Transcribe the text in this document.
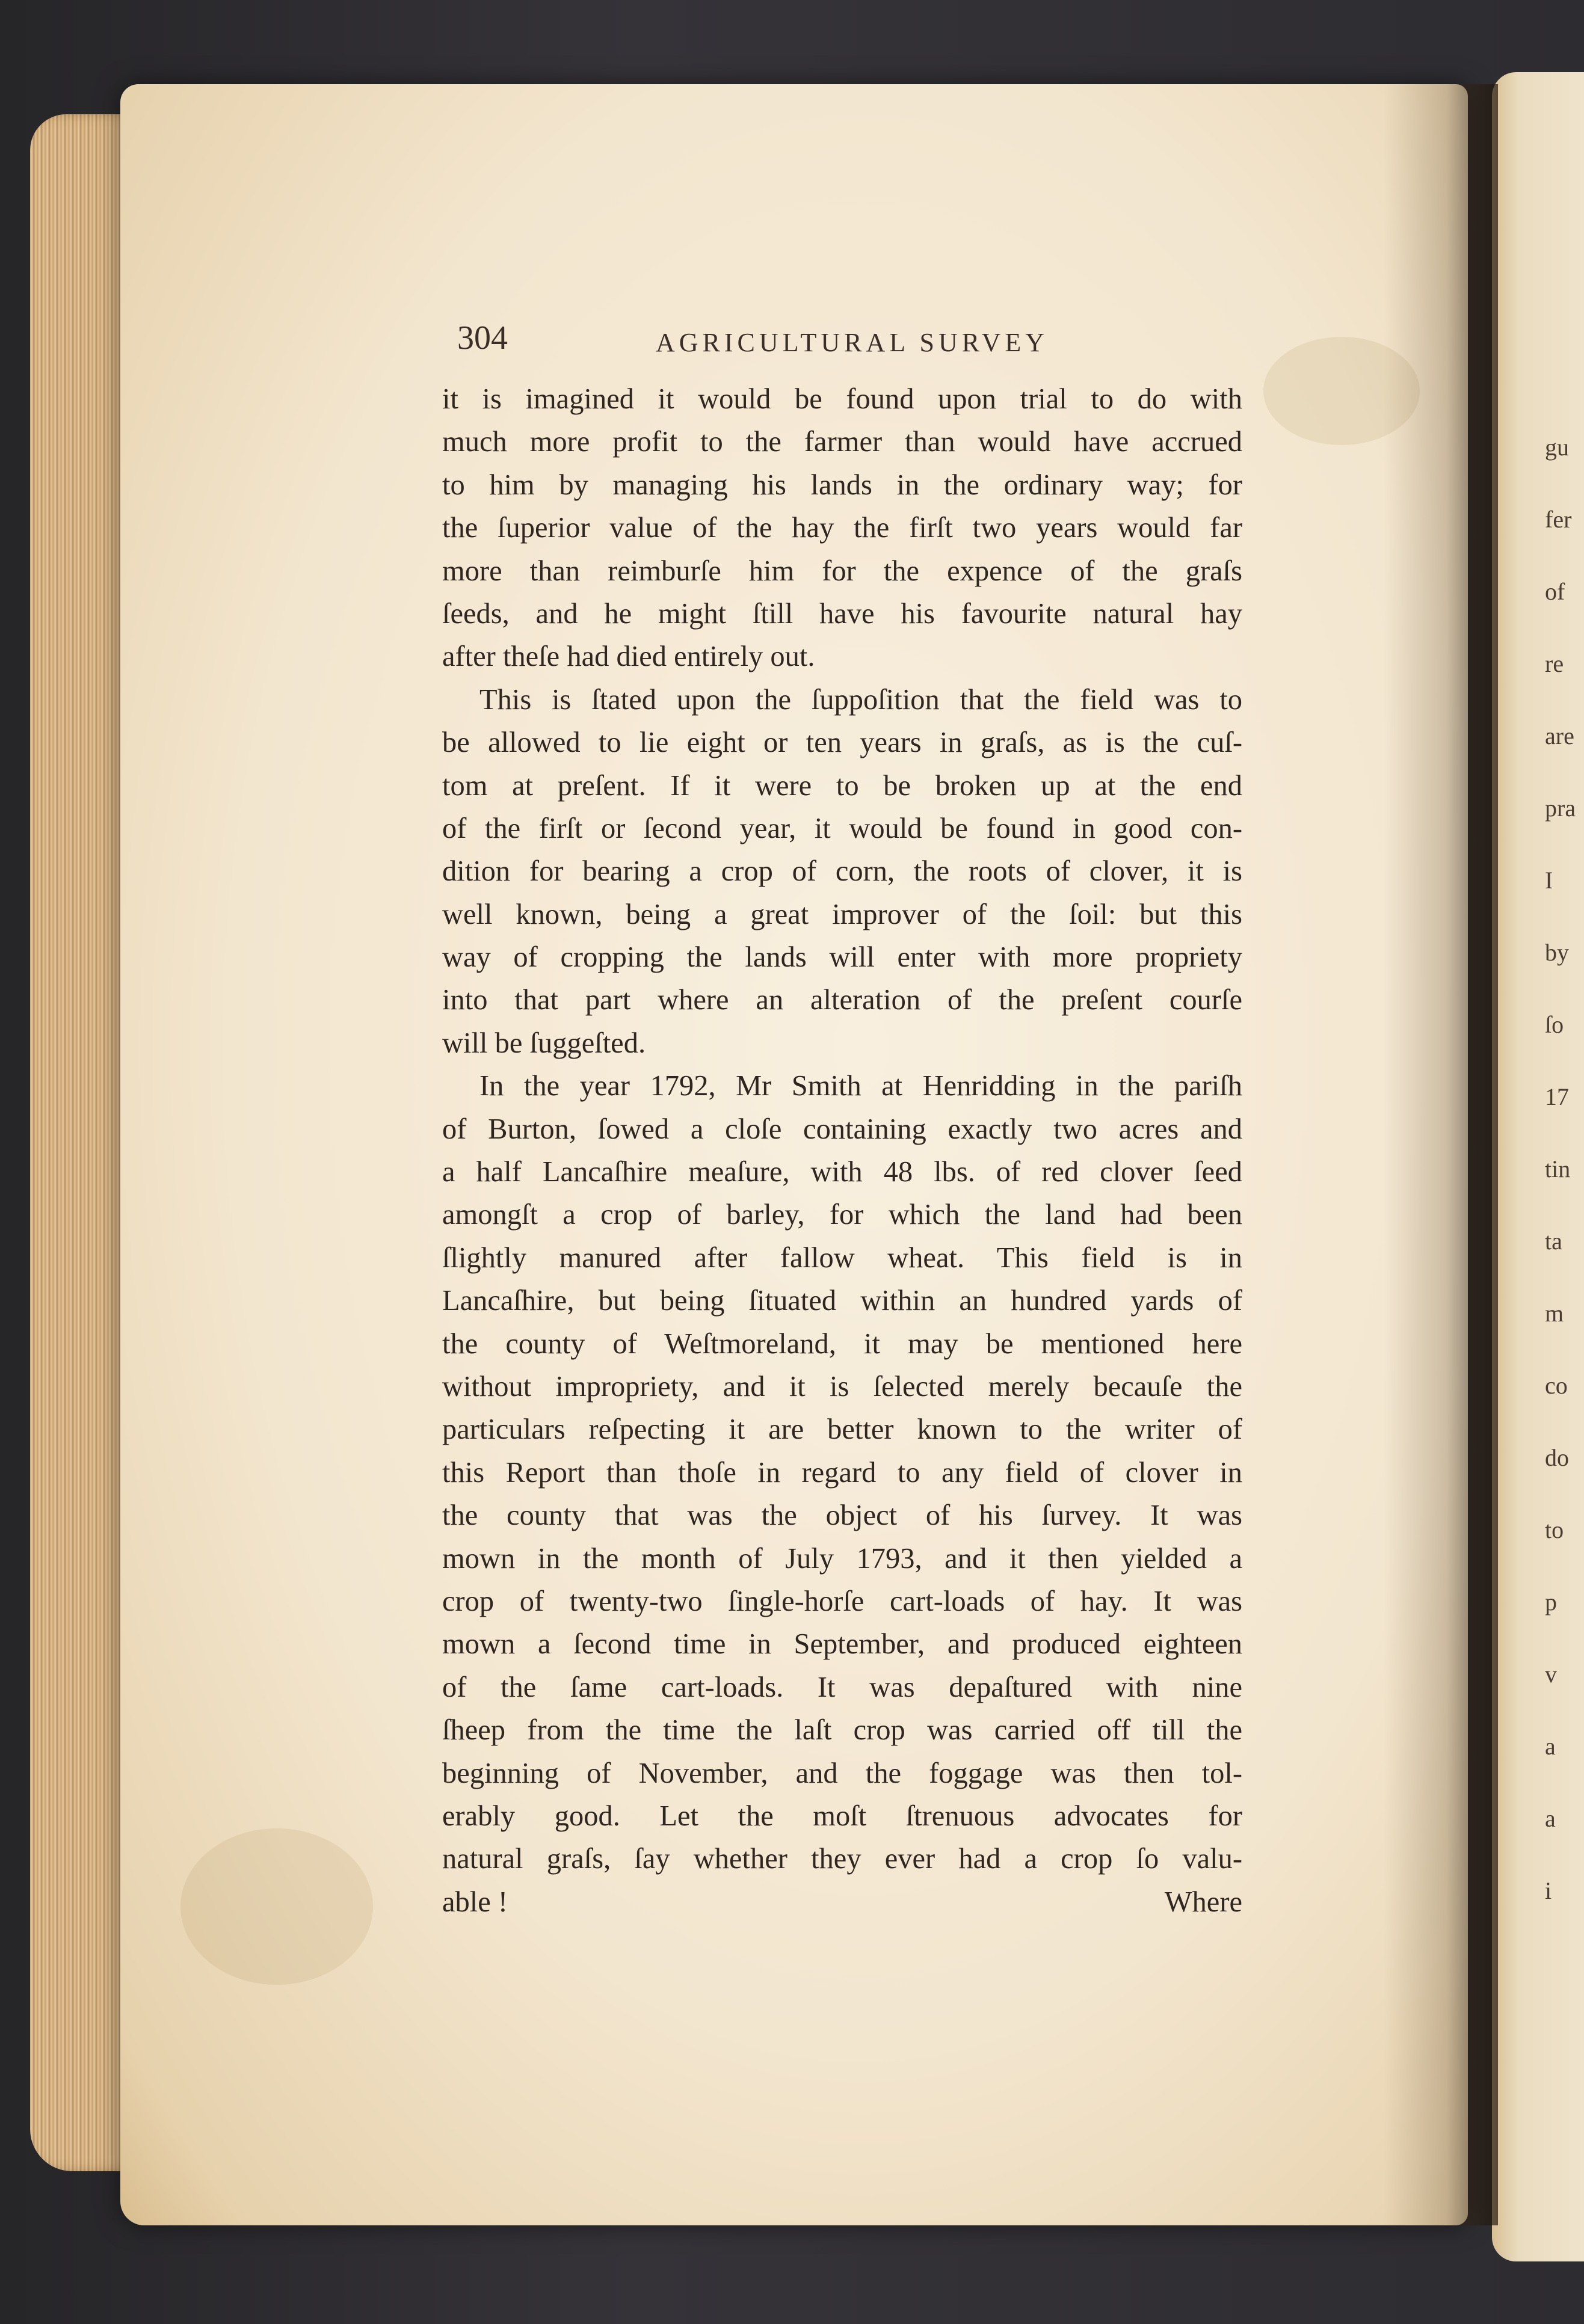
gu
fer
of
re
are
pra
I
by
ſo
17
tin
ta
m
co
do
to
p
v
a
a
i
304	AGRICULTURAL SURVEY
it is imagined it would be found upon trial to do with
much more profit to the farmer than would have accrued
to him by managing his lands in the ordinary way; for
the ſuperior value of the hay the firſt two years would far
more than reimburſe him for the expence of the graſs
ſeeds, and he might ſtill have his favourite natural hay
after theſe had died entirely out.
This is ſtated upon the ſuppoſition that the field was to
be allowed to lie eight or ten years in graſs, as is the cuſ-
tom at preſent. If it were to be broken up at the end
of the firſt or ſecond year, it would be found in good con-
dition for bearing a crop of corn, the roots of clover, it is
well known, being a great improver of the ſoil: but this
way of cropping the lands will enter with more propriety
into that part where an alteration of the preſent courſe
will be ſuggeſted.
In the year 1792, Mr Smith at Henridding in the pariſh
of Burton, ſowed a cloſe containing exactly two acres and
a half Lancaſhire meaſure, with 48 lbs. of red clover ſeed
amongſt a crop of barley, for which the land had been
ſlightly manured after fallow wheat. This field is in
Lancaſhire, but being ſituated within an hundred yards of
the county of Weſtmoreland, it may be mentioned here
without impropriety, and it is ſelected merely becauſe the
particulars reſpecting it are better known to the writer of
this Report than thoſe in regard to any field of clover in
the county that was the object of his ſurvey. It was
mown in the month of July 1793, and it then yielded a
crop of twenty-two ſingle-horſe cart-loads of hay. It was
mown a ſecond time in September, and produced eighteen
of the ſame cart-loads. It was depaſtured with nine
ſheep from the time the laſt crop was carried off till the
beginning of November, and the foggage was then tol-
erably good. Let the moſt ſtrenuous advocates for
natural graſs, ſay whether they ever had a crop ſo valu-
able !	Where
